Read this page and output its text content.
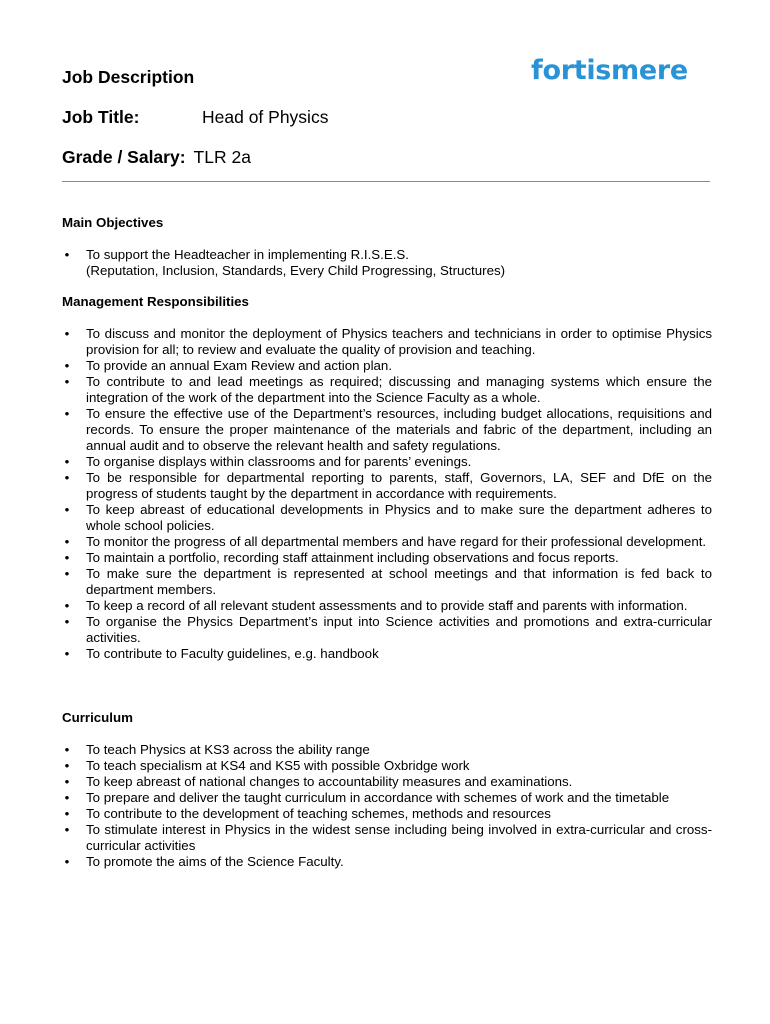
fortismere
Job Description
Job Title:	Head of Physics
Grade / Salary: TLR 2a
Main Objectives
• To support the Headteacher in implementing R.I.S.E.S.
(Reputation, Inclusion, Standards, Every Child Progressing, Structures)
Management Responsibilities
• To discuss and monitor the deployment of Physics teachers and technicians in order to optimise Physics provision for all; to review and evaluate the quality of provision and teaching.
• To provide an annual Exam Review and action plan.
• To contribute to and lead meetings as required; discussing and managing systems which ensure the integration of the work of the department into the Science Faculty as a whole.
• To ensure the effective use of the Department’s resources, including budget allocations, requisitions and records. To ensure the proper maintenance of the materials and fabric of the department, including an annual audit and to observe the relevant health and safety regulations.
• To organise displays within classrooms and for parents’ evenings.
• To be responsible for departmental reporting to parents, staff, Governors, LA, SEF and DfE on the progress of students taught by the department in accordance with requirements.
• To keep abreast of educational developments in Physics and to make sure the department adheres to whole school policies.
• To monitor the progress of all departmental members and have regard for their professional development.
• To maintain a portfolio, recording staff attainment including observations and focus reports.
• To make sure the department is represented at school meetings and that information is fed back to department members.
• To keep a record of all relevant student assessments and to provide staff and parents with information.
• To organise the Physics Department’s input into Science activities and promotions and extra-curricular activities.
• To contribute to Faculty guidelines, e.g. handbook
Curriculum
• To teach Physics at KS3 across the ability range
• To teach specialism at KS4 and KS5 with possible Oxbridge work
• To keep abreast of national changes to accountability measures and examinations.
• To prepare and deliver the taught curriculum in accordance with schemes of work and the timetable
• To contribute to the development of teaching schemes, methods and resources
• To stimulate interest in Physics in the widest sense including being involved in extra-curricular and cross-curricular activities
• To promote the aims of the Science Faculty.
